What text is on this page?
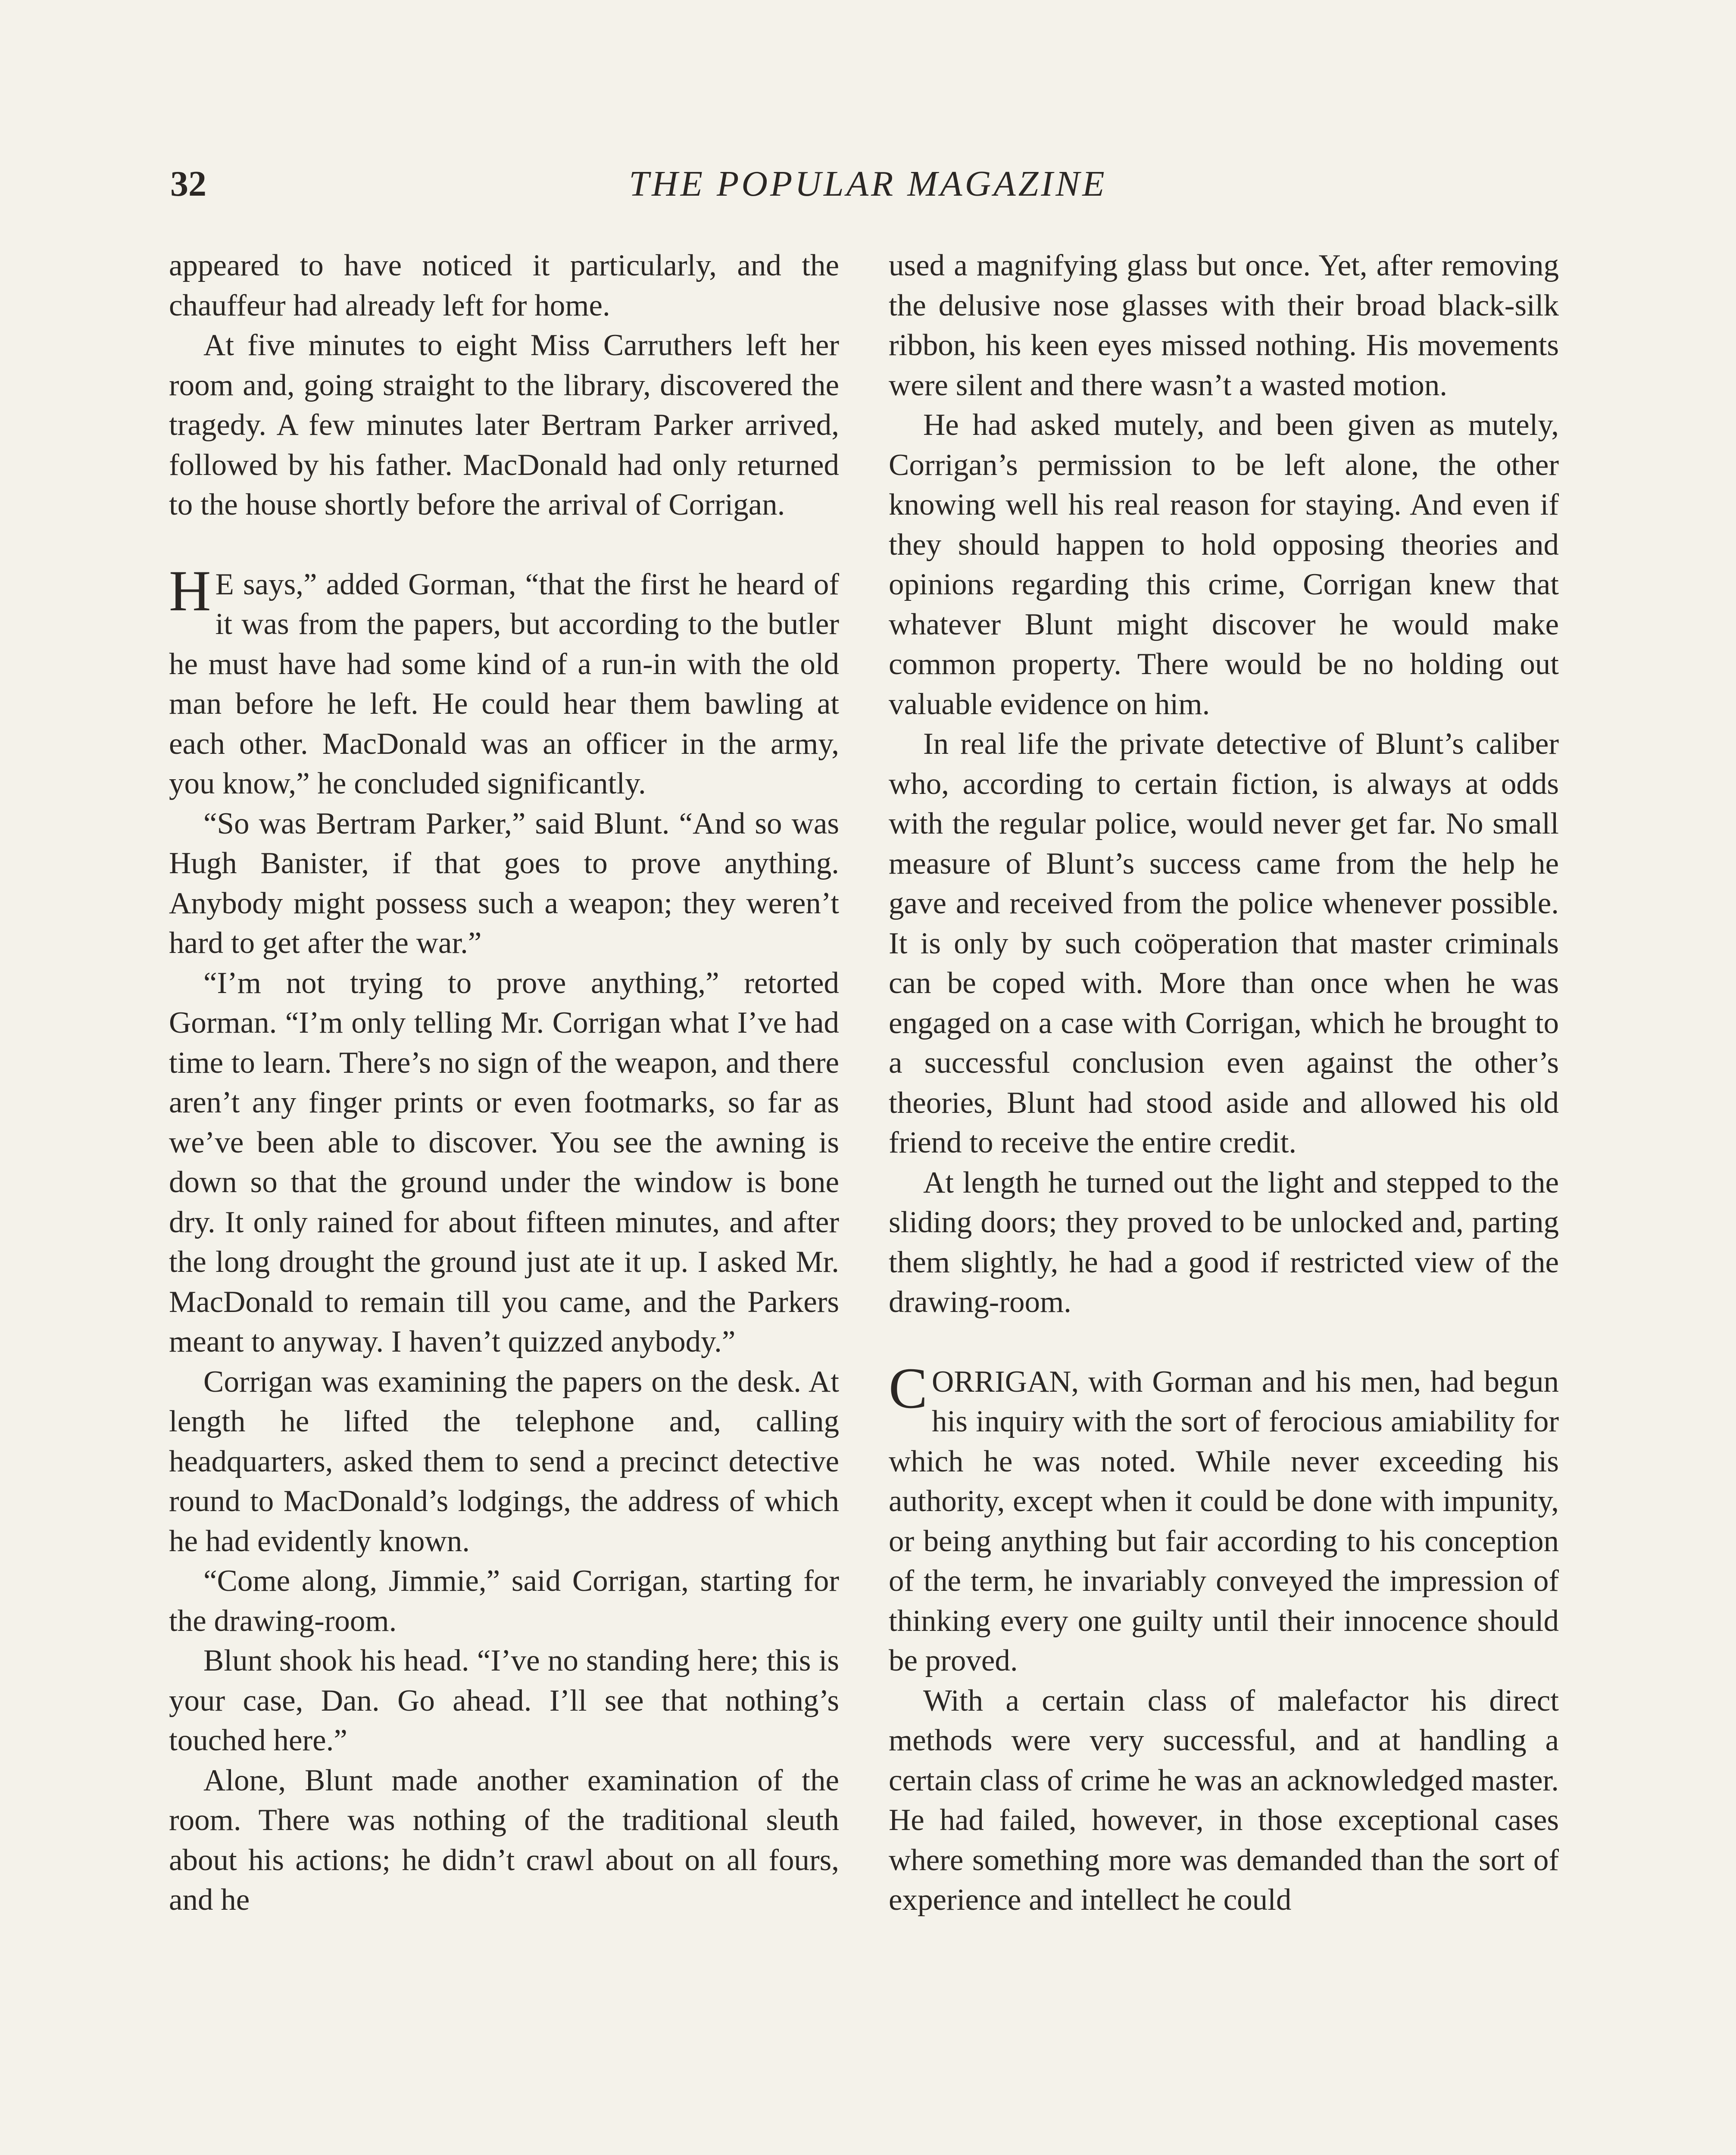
32	THE POPULAR MAGAZINE

appeared to have noticed it particularly, and the chauffeur had already left for home.

At five minutes to eight Miss Carruthers left her room and, going straight to the library, discovered the tragedy. A few minutes later Bertram Parker arrived, followed by his father. MacDonald had only returned to the house shortly before the arrival of Corrigan.

H E says,” added Gorman, “that the first he heard of it was from the papers, but according to the butler he must have had some kind of a run-in with the old man before he left. He could hear them bawling at each other. MacDonald was an officer in the army, you know,” he concluded significantly.

“So was Bertram Parker,” said Blunt. “And so was Hugh Banister, if that goes to prove anything. Anybody might possess such a weapon; they weren’t hard to get after the war.”

“I’m not trying to prove anything,” retorted Gorman. “I’m only telling Mr. Corrigan what I’ve had time to learn. There’s no sign of the weapon, and there aren’t any finger prints or even footmarks, so far as we’ve been able to discover. You see the awning is down so that the ground under the window is bone dry. It only rained for about fifteen minutes, and after the long drought the ground just ate it up. I asked Mr. MacDonald to remain till you came, and the Parkers meant to anyway. I haven’t quizzed anybody.”

Corrigan was examining the papers on the desk. At length he lifted the telephone and, calling headquarters, asked them to send a precinct detective round to MacDonald’s lodgings, the address of which he had evidently known.

“Come along, Jimmie,” said Corrigan, starting for the drawing-room.

Blunt shook his head. “I’ve no standing here; this is your case, Dan. Go ahead. I’ll see that nothing’s touched here.”

Alone, Blunt made another examination of the room. There was nothing of the traditional sleuth about his actions; he didn’t crawl about on all fours, and he

used a magnifying glass but once. Yet, after removing the delusive nose glasses with their broad black-silk ribbon, his keen eyes missed nothing. His movements were silent and there wasn’t a wasted motion.

He had asked mutely, and been given as mutely, Corrigan’s permission to be left alone, the other knowing well his real reason for staying. And even if they should happen to hold opposing theories and opinions regarding this crime, Corrigan knew that whatever Blunt might discover he would make common property. There would be no holding out valuable evidence on him.

In real life the private detective of Blunt’s caliber who, according to certain fiction, is always at odds with the regular police, would never get far. No small measure of Blunt’s success came from the help he gave and received from the police whenever possible. It is only by such coöperation that master criminals can be coped with. More than once when he was engaged on a case with Corrigan, which he brought to a successful conclusion even against the other’s theories, Blunt had stood aside and allowed his old friend to receive the entire credit.

At length he turned out the light and stepped to the sliding doors; they proved to be unlocked and, parting them slightly, he had a good if restricted view of the drawing-room.

CORRIGAN, with Gorman and his men, had begun his inquiry with the sort of ferocious amiability for which he was noted. While never exceeding his authority, except when it could be done with impunity, or being anything but fair according to his conception of the term, he invariably conveyed the impression of thinking every one guilty until their innocence should be proved.

With a certain class of malefactor his direct methods were very successful, and at handling a certain class of crime he was an acknowledged master. He had failed, however, in those exceptional cases where something more was demanded than the sort of experience and intellect he could
